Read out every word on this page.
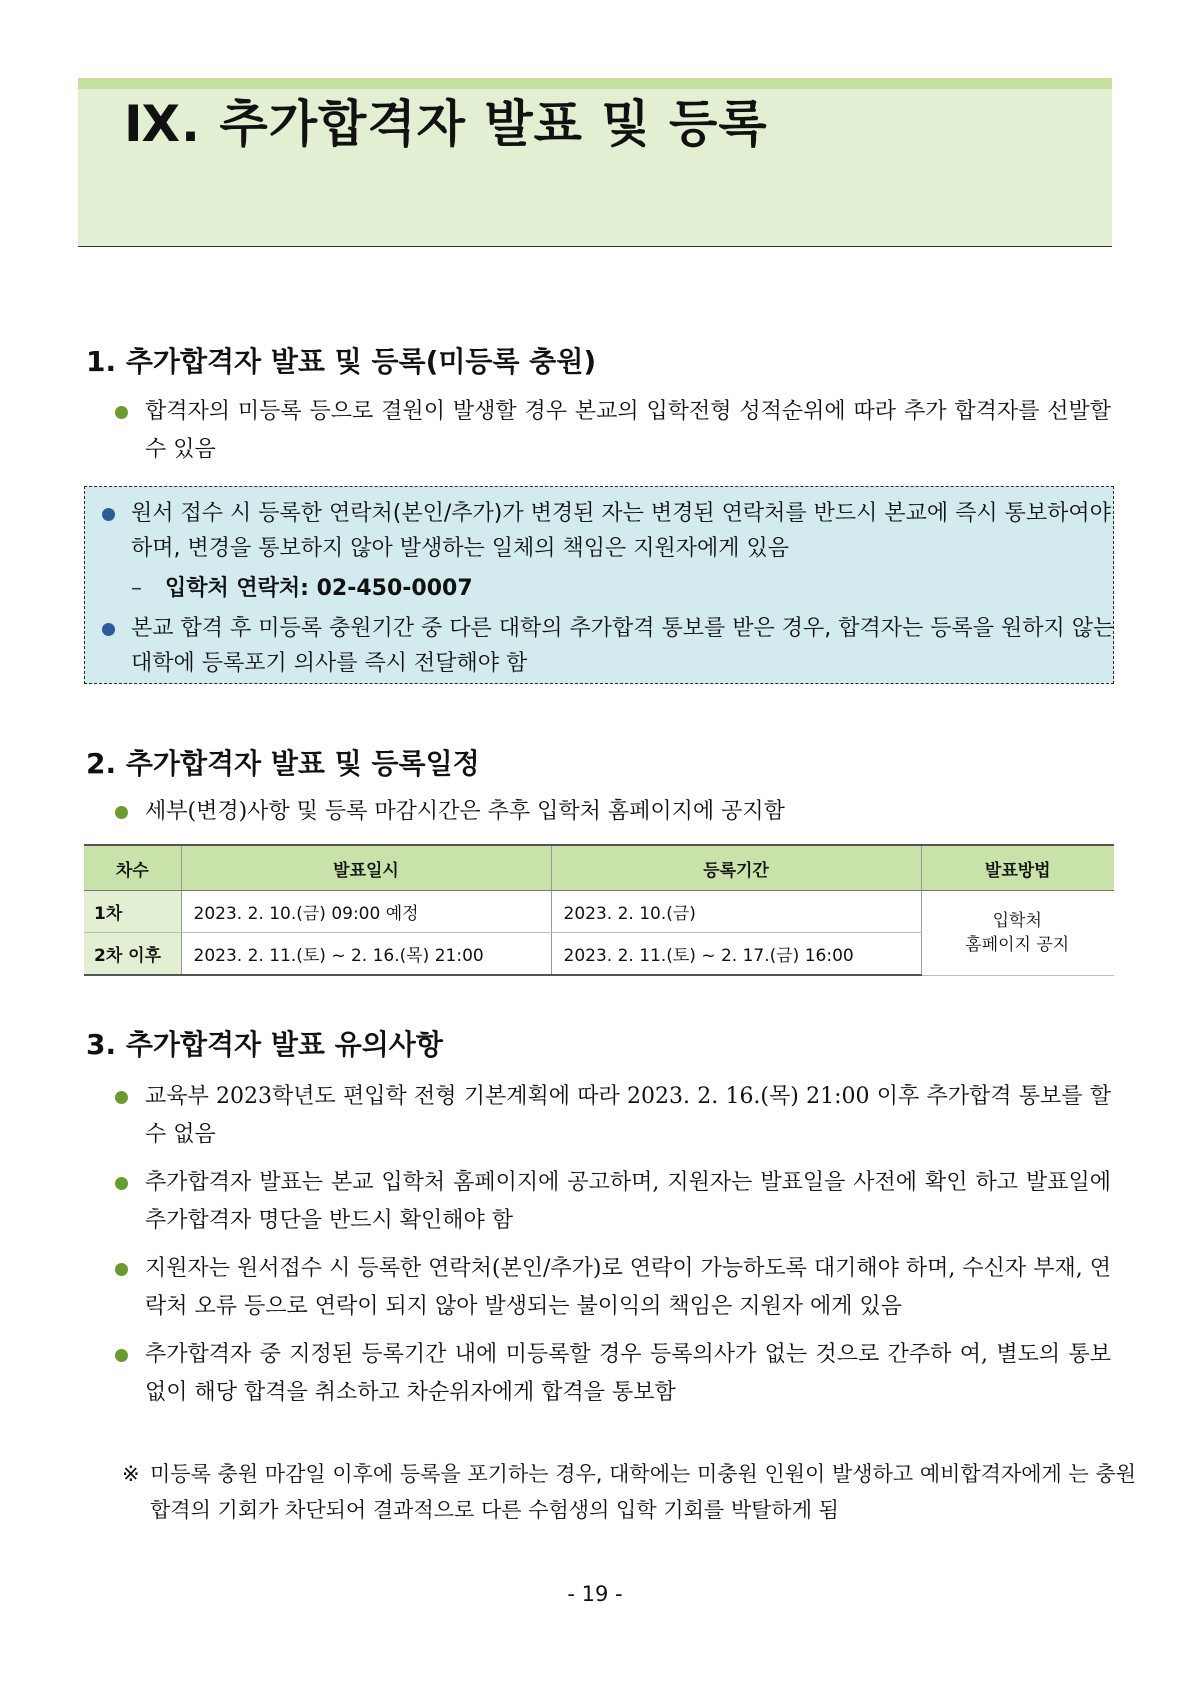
Ⅸ. 추가합격자 발표 및 등록
1. 추가합격자 발표 및 등록(미등록 충원)
합격자의 미등록 등으로 결원이 발생할 경우 본교의 입학전형 성적순위에 따라 추가 합격자를 선발할 수 있음
원서 접수 시 등록한 연락처(본인/추가)가 변경된 자는 변경된 연락처를 반드시 본교에 즉시 통보하여야 하며, 변경을 통보하지 않아 발생하는 일체의 책임은 지원자에게 있음
– 입학처 연락처: 02-450-0007
본교 합격 후 미등록 충원기간 중 다른 대학의 추가합격 통보를 받은 경우, 합격자는 등록을 원하지 않는 대학에 등록포기 의사를 즉시 전달해야 함
2. 추가합격자 발표 및 등록일정
세부(변경)사항 및 등록 마감시간은 추후 입학처 홈페이지에 공지함
차수	발표일시	등록기간	발표방법
1차	2023. 2. 10.(금) 09:00 예정	2023. 2. 10.(금)	입학처
홈페이지 공지

2차 이후	2023. 2. 11.(토) ~ 2. 16.(목) 21:00	2023. 2. 11.(토) ~ 2. 17.(금) 16:00	
3. 추가합격자 발표 유의사항
교육부 2023학년도 편입학 전형 기본계획에 따라 2023. 2. 16.(목) 21:00 이후 추가합격 통보를 할 수 없음
추가합격자 발표는 본교 입학처 홈페이지에 공고하며, 지원자는 발표일을 사전에 확인 하고 발표일에 추가합격자 명단을 반드시 확인해야 함
지원자는 원서접수 시 등록한 연락처(본인/추가)로 연락이 가능하도록 대기해야 하며, 수신자 부재, 연락처 오류 등으로 연락이 되지 않아 발생되는 불이익의 책임은 지원자 에게 있음
추가합격자 중 지정된 등록기간 내에 미등록할 경우 등록의사가 없는 것으로 간주하 여, 별도의 통보 없이 해당 합격을 취소하고 차순위자에게 합격을 통보함
※ 미등록 충원 마감일 이후에 등록을 포기하는 경우, 대학에는 미충원 인원이 발생하고 예비합격자에게 는 충원합격의 기회가 차단되어 결과적으로 다른 수험생의 입학 기회를 박탈하게 됨
- 19 -
